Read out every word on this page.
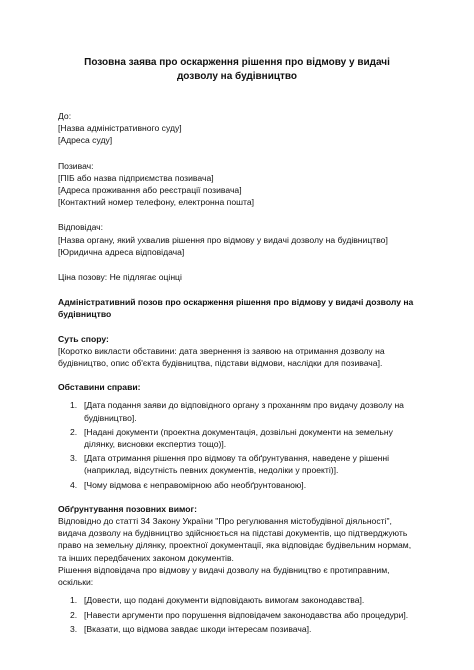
Позовна заява про оскарження рішення про відмову у видачі дозволу на будівництво
До:
[Назва адміністративного суду]
[Адреса суду]
Позивач:
[ПІБ або назва підприємства позивача]
[Адреса проживання або реєстрації позивача]
[Контактний номер телефону, електронна пошта]
Відповідач:
[Назва органу, який ухвалив рішення про відмову у видачі дозволу на будівництво]
[Юридична адреса відповідача]
Ціна позову: Не підлягає оцінці
Адміністративний позов про оскарження рішення про відмову у видачі дозволу на будівництво
Суть спору:

[Коротко викласти обставини: дата звернення із заявою на отримання дозволу на будівництво, опис об'єкта будівництва, підстави відмови, наслідки для позивача].

Обставини справи:
1. [Дата подання заяви до відповідного органу з проханням про видачу дозволу на будівництво].
2. [Надані документи (проектна документація, дозвільні документи на земельну ділянку, висновки експертиз тощо)].
3. [Дата отримання рішення про відмову та обґрунтування, наведене у рішенні (наприклад, відсутність певних документів, недоліки у проекті)].
4. [Чому відмова є неправомірною або необґрунтованою].
Обґрунтування позовних вимог:

Відповідно до статті 34 Закону України "Про регулювання містобудівної діяльності", видача дозволу на будівництво здійснюється на підставі документів, що підтверджують право на земельну ділянку, проектної документації, яка відповідає будівельним нормам, та інших передбачених законом документів.

Рішення відповідача про відмову у видачі дозволу на будівництво є протиправним, оскільки:

1. [Довести, що подані документи відповідають вимогам законодавства].
2. [Навести аргументи про порушення відповідачем законодавства або процедури].
3. [Вказати, що відмова завдає шкоди інтересам позивача].
